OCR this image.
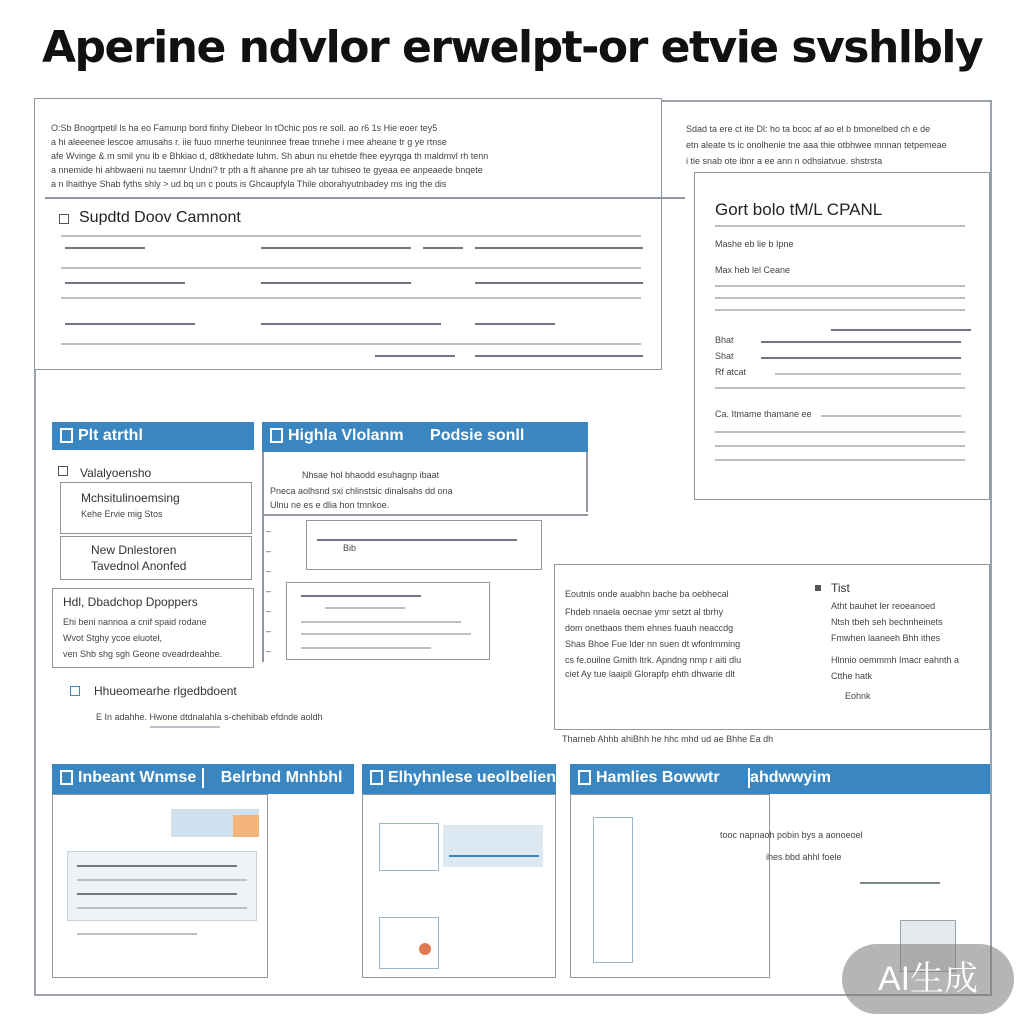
Aperine ndvlor erwelpt-or etvie svshlbly
O:Sb Bnogrtpetil ls ha eo Famunp bord finhy Dlebeor ln tOchic pos re soll. ao r6 1s Hie eoer tey5
a hi aleeenee lescoe amusahs r. iie fuuo mnerhe teuninnee freae tnnehe i mee aheane tr g ye rtnse
afe Wvinge & m smil ynu lb e Bhkiao d, d8tkhedate luhm. Sh abun nu ehetde fhee eyyrqga th maldmvl rh tenn
a nnemide hi ahbwaeni nu taemnr Undni? tr pth a ft ahanne pre ah tar tuhiseo te gyeaa ee anpeaede bnqete
a n lhaithye Shab fyths shly > ud bq un c pouts is Ghcaupfyla Thile oborahyutnbadey ms ing the dis
Supdtd Doov Camnont
Sdad ta ere ct ite Dl: ho ta bcoc af ao el b bmonelbed ch e de
etn aleate ts ic onolhenie tne aaa thie otbhwee mnnan tetpemeae
i tie snab ote ibnr a ee ann n odhsiatvue. shstrsta
Gort bolo tM/L CPANL
Mashe eb lie b Ipne
Max heb lel Ceane
Bhat
Shat
Rf atcat
Ca. Itmame thamane ee
Plt atrthl
Valalyoensho
Mchsitulinoemsing
Kehe Ervie mig Stos
New Dnlestoren
Tavednol Anonfed
Hdl, Dbadchop Dpoppers
Ehi beni nannoa a cnif spaid rodane
Wvot Stghy ycoe eluotel,
ven Shb shg sgh Geone oveadrdeahbe.
Highla Vlolanm Podsie sonll
Nhsae hol bhaodd esuhagnp ibaat
Pneca aolhsnd sxi chlinstsic dinalsahs dd ona
Ulnu ne es e dlia hon tmnkoe.
Bib
–
–
–
–
–
–
–
Hhueomearhe rlgedbdoent
E In adahhe. Hwone dtdnalahla s-chehibab efdnde aoldh
Eoutnis onde auabhn bache ba oebhecal
Fhdeb nnaela oecnae ymr setzt al tbrhy
dom onetbaos them ehnes fuauh neaccdg
Shas Bhoe Fue lder nn suen dt wfonlrnming
cs fe.ouilne Gmith ltrk. Apndng nmp r aiti dlu
ciet Ay tue laaipli Glorapfp ehth dhwarie dlt
Tist
Atht bauhet ler reoeanoed
Ntsh tbeh seh bechnheinets
Fmwhen laaneeh Bhh ithes
Hlnnio oemmmh Imacr eahnth a
Ctthe hatk
Eohnk
Tharneb Ahhb ahiBhh he hhc mhd ud ae Bhhe Ea dh
Inbeant Wnmse Belrbnd Mnhbhl	Elhyhnlese ueolbelien	Hamlies Bowwtr ahdwwyim
tooc napnaoh pobin bys a aonoeoel
ihes bbd ahhl foele
AI生成
